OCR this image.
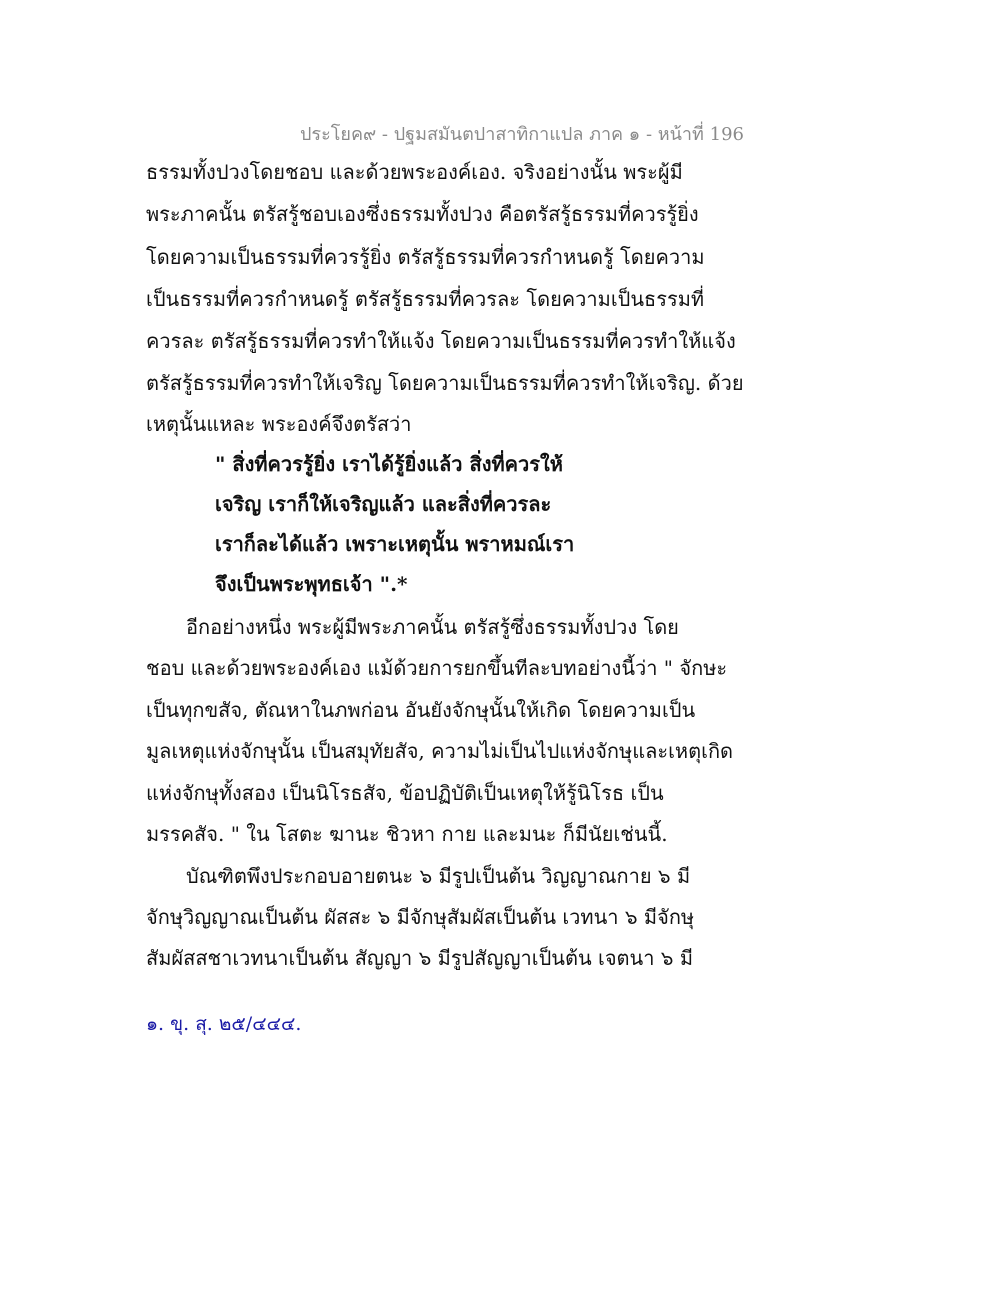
ประโยค๙ - ปฐมสมันตปาสาทิกาแปล ภาค ๑ - หน้าที่ 196
ธรรมทั้งปวงโดยชอบ และด้วยพระองค์เอง. จริงอย่างนั้น พระผู้มี
พระภาคนั้น ตรัสรู้ชอบเองซึ่งธรรมทั้งปวง คือตรัสรู้ธรรมที่ควรรู้ยิ่ง
โดยความเป็นธรรมที่ควรรู้ยิ่ง ตรัสรู้ธรรมที่ควรกำหนดรู้ โดยความ
เป็นธรรมที่ควรกำหนดรู้ ตรัสรู้ธรรมที่ควรละ โดยความเป็นธรรมที่
ควรละ ตรัสรู้ธรรมที่ควรทำให้แจ้ง โดยความเป็นธรรมที่ควรทำให้แจ้ง
ตรัสรู้ธรรมที่ควรทำให้เจริญ โดยความเป็นธรรมที่ควรทำให้เจริญ. ด้วย
เหตุนั้นแหละ พระองค์จึงตรัสว่า
" สิ่งที่ควรรู้ยิ่ง เราได้รู้ยิ่งแล้ว สิ่งที่ควรให้
เจริญ เราก็ให้เจริญแล้ว และสิ่งที่ควรละ
เราก็ละได้แล้ว เพราะเหตุนั้น พราหมณ์เรา
จึงเป็นพระพุทธเจ้า ".*
อีกอย่างหนึ่ง พระผู้มีพระภาคนั้น ตรัสรู้ซึ่งธรรมทั้งปวง โดย
ชอบ และด้วยพระองค์เอง แม้ด้วยการยกขึ้นทีละบทอย่างนี้ว่า " จักษะ
เป็นทุกขสัจ, ตัณหาในภพก่อน อันยังจักษุนั้นให้เกิด โดยความเป็น
มูลเหตุแห่งจักษุนั้น เป็นสมุทัยสัจ, ความไม่เป็นไปแห่งจักษุและเหตุเกิด
แห่งจักษุทั้งสอง เป็นนิโรธสัจ, ข้อปฏิบัติเป็นเหตุให้รู้นิโรธ เป็น
มรรคสัจ. " ใน โสตะ ฆานะ ชิวหา กาย และมนะ ก็มีนัยเช่นนี้.
บัณฑิตพึงประกอบอายตนะ ๖ มีรูปเป็นต้น วิญญาณกาย ๖ มี
จักษุวิญญาณเป็นต้น ผัสสะ ๖ มีจักษุสัมผัสเป็นต้น เวทนา ๖ มีจักษุ
สัมผัสสชาเวทนาเป็นต้น สัญญา ๖ มีรูปสัญญาเป็นต้น เจตนา ๖ มี
๑. ขุ. สุ. ๒๕/๔๔๔.
